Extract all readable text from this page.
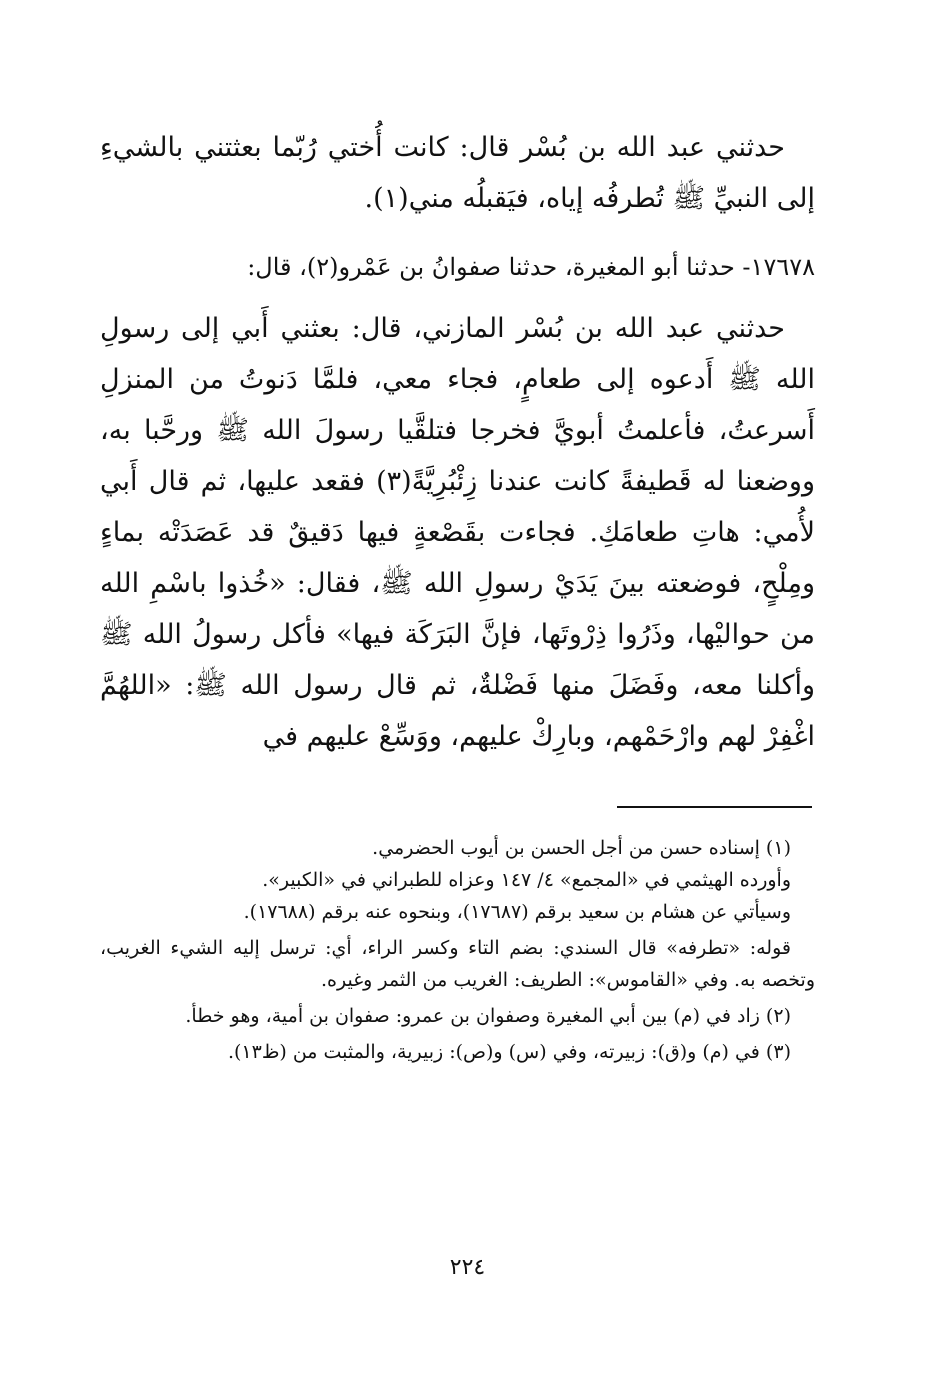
حدثني عبد الله بن بُسْر قال: كانت أُختي رُبّما بعثتني بالشيءِ إلى النبيِّ ﷺ تُطرفُه إياه، فيَقبلُه مني(١).
١٧٦٧٨- حدثنا أبو المغيرة، حدثنا صفوانُ بن عَمْرو(٢)، قال:
حدثني عبد الله بن بُسْر المازني، قال: بعثني أَبي إلى رسولِ الله ﷺ أَدعوه إلى طعامٍ، فجاء معي، فلمَّا دَنوتُ من المنزلِ أَسرعتُ، فأعلمتُ أبويَّ فخرجا فتلقَّيا رسولَ الله ﷺ ورحَّبا به، ووضعنا له قَطيفةً كانت عندنا زِئْبُرِيَّةً(٣) فقعد عليها، ثم قال أَبي لأُمي: هاتِ طعامَكِ. فجاءت بقَصْعةٍ فيها دَقيقٌ قد عَصَدَتْه بماءٍ ومِلْحٍ، فوضعته بينَ يَدَيْ رسولِ الله ﷺ، فقال: «خُذوا باسْمِ الله من حواليْها، وذَرُوا ذِرْوتَها، فإنَّ البَرَكَة فيها» فأكل رسولُ الله ﷺ وأكلنا معه، وفَضَلَ منها فَضْلةٌ، ثم قال رسول الله ﷺ: «اللهُمَّ اغْفِرْ لهم وارْحَمْهم، وبارِكْ عليهم، ووَسِّعْ عليهم في

(١) إسناده حسن من أجل الحسن بن أيوب الحضرمي.

وأورده الهيثمي في «المجمع» ٤/ ١٤٧ وعزاه للطبراني في «الكبير».

وسيأتي عن هشام بن سعيد برقم (١٧٦٨٧)، وبنحوه عنه برقم (١٧٦٨٨).

قوله: «تطرفه» قال السندي: بضم التاء وكسر الراء، أي: ترسل إليه الشيء الغريب، وتخصه به. وفي «القاموس»: الطريف: الغريب من الثمر وغيره.

(٢) زاد في (م) بين أبي المغيرة وصفوان بن عمرو: صفوان بن أمية، وهو خطأ.

(٣) في (م) و(ق): زبيرته، وفي (س) و(ص): زبيرية، والمثبت من (ظ١٣).

٢٢٤
